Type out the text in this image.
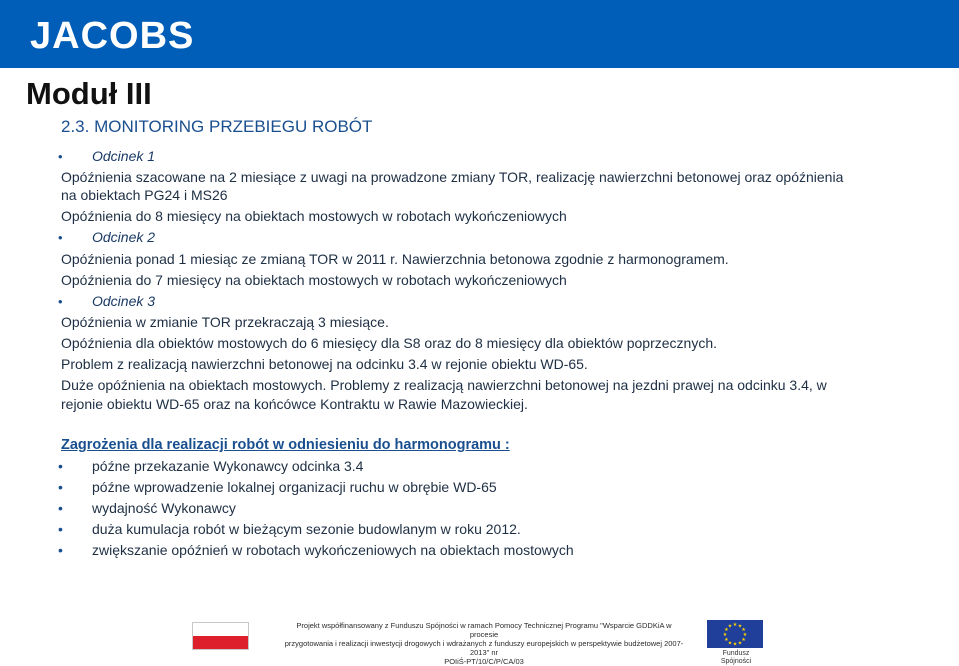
JACOBS
Moduł III
2.3. MONITORING PRZEBIEGU ROBÓT
• Odcinek 1
Opóźnienia szacowane na 2 miesiące z uwagi na prowadzone zmiany TOR, realizację nawierzchni betonowej oraz opóźnienia
na obiektach PG24 i MS26
Opóźnienia do 8 miesięcy na obiektach mostowych w robotach wykończeniowych
• Odcinek 2
Opóźnienia ponad 1 miesiąc ze zmianą TOR w 2011 r. Nawierzchnia betonowa zgodnie z harmonogramem.
Opóźnienia do 7 miesięcy na obiektach mostowych w robotach wykończeniowych
• Odcinek 3
Opóźnienia w zmianie TOR przekraczają 3 miesiące.
Opóźnienia dla obiektów mostowych do 6 miesięcy dla S8 oraz do 8 miesięcy dla obiektów poprzecznych.
Problem z realizacją nawierzchni betonowej na odcinku 3.4 w rejonie obiektu WD-65.
Duże opóźnienia na obiektach mostowych. Problemy z realizacją nawierzchni betonowej na jezdni prawej na odcinku 3.4, w
rejonie obiektu WD-65 oraz na końcówce Kontraktu w Rawie Mazowieckiej.
Zagrożenia dla realizacji robót w odniesieniu do harmonogramu :
• późne przekazanie Wykonawcy odcinka 3.4
• późne wprowadzenie lokalnej organizacji ruchu w obrębie WD-65
• wydajność Wykonawcy
• duża kumulacja robót w bieżącym sezonie budowlanym w roku 2012.
• zwiększanie opóźnień w robotach wykończeniowych na obiektach mostowych
Projekt współfinansowany z Funduszu Spójności w ramach Pomocy Technicznej Programu "Wsparcie GDDKiA w procesie
przygotowania i realizacji inwestycji drogowych i wdrażanych z funduszy europejskich w perspektywie budżetowej 2007-2013" nr
POIiŚ-PT/10/C/P/CA/03
★ ★
★
★
★
★
★
★
★
★
★
★
Fundusz
Spójności
